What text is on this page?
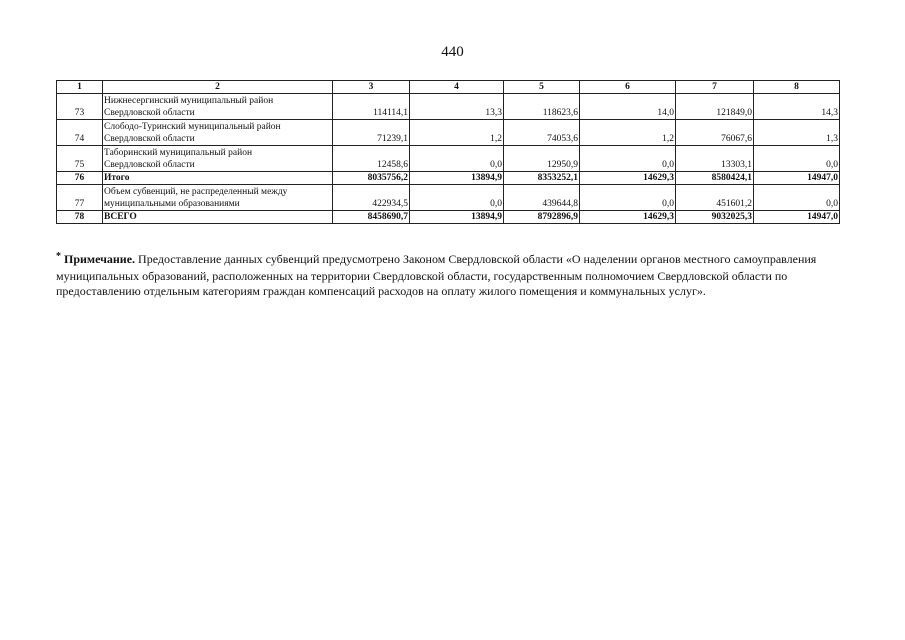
440
1	2	3	4	5	6	7	8
73	Нижнесергинский муниципальный район
Свердловской области	114114,1	13,3	118623,6	14,0	121849,0	14,3
74	Слободо-Туринский муниципальный район
Свердловской области	71239,1	1,2	74053,6	1,2	76067,6	1,3
75	Таборинский муниципальный район
Свердловской области	12458,6	0,0	12950,9	0,0	13303,1	0,0
76	Итого	8035756,2	13894,9	8353252,1	14629,3	8580424,1	14947,0
77	Объем субвенций, не распределенный между
муниципальными образованиями	422934,5	0,0	439644,8	0,0	451601,2	0,0
78	ВСЕГО	8458690,7	13894,9	8792896,9	14629,3	9032025,3	14947,0
* Примечание. Предоставление данных субвенций предусмотрено Законом Свердловской области «О наделении органов местного самоуправления муниципальных образований, расположенных на территории Свердловской области, государственным полномочием Свердловской области по предоставлению отдельным категориям граждан компенсаций расходов на оплату жилого помещения и коммунальных услуг».
